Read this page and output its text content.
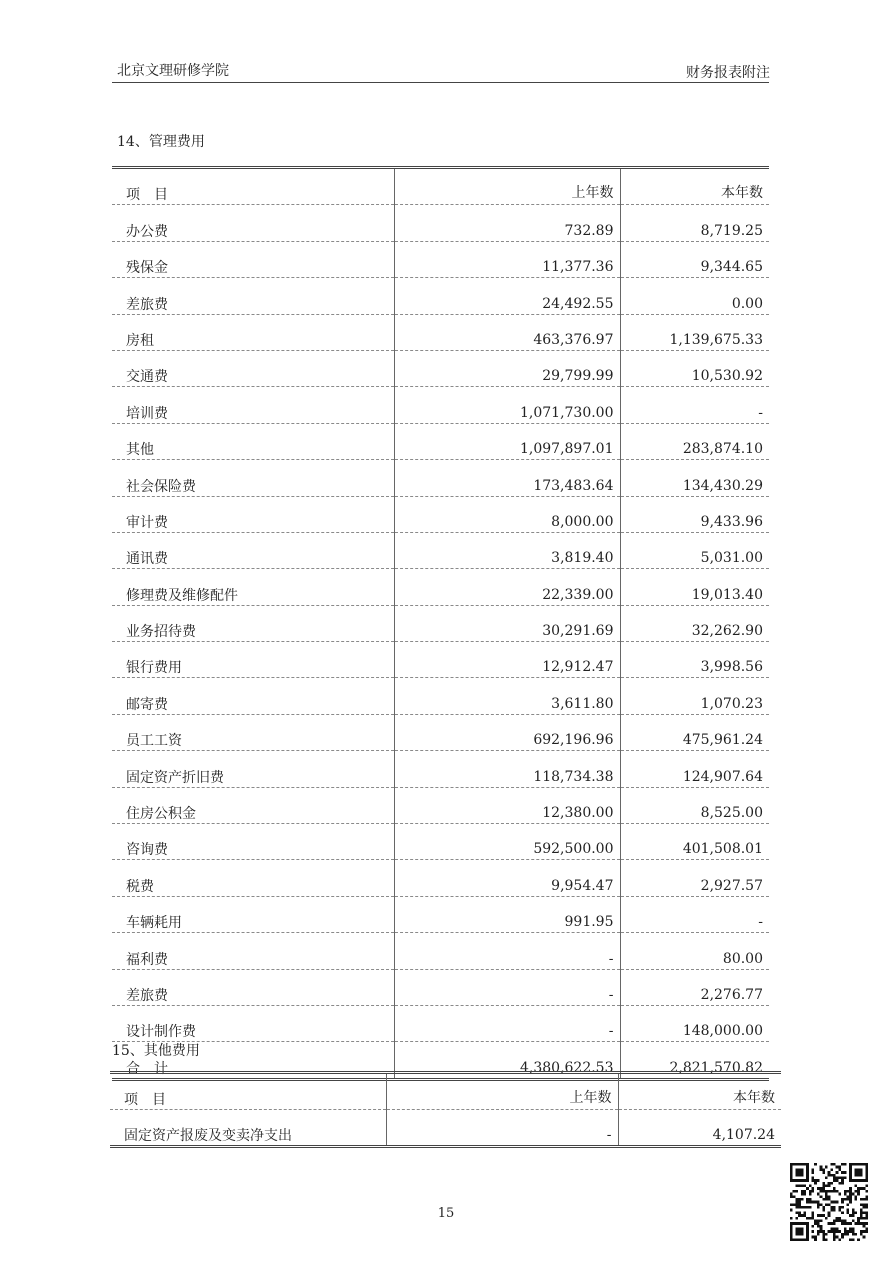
北京文理研修学院	财务报表附注
14、管理费用
项　目	上年数	本年数
办公费	732.89	8,719.25
残保金	11,377.36	9,344.65
差旅费	24,492.55	0.00
房租	463,376.97	1,139,675.33
交通费	29,799.99	10,530.92
培训费	1,071,730.00	-
其他	1,097,897.01	283,874.10
社会保险费	173,483.64	134,430.29
审计费	8,000.00	9,433.96
通讯费	3,819.40	5,031.00
修理费及维修配件	22,339.00	19,013.40
业务招待费	30,291.69	32,262.90
银行费用	12,912.47	3,998.56
邮寄费	3,611.80	1,070.23
员工工资	692,196.96	475,961.24
固定资产折旧费	118,734.38	124,907.64
住房公积金	12,380.00	8,525.00
咨询费	592,500.00	401,508.01
税费	9,954.47	2,927.57
车辆耗用	991.95	-
福利费	-	80.00
差旅费	-	2,276.77
设计制作费	-	148,000.00
合　计	4,380,622.53	2,821,570.82
15、其他费用
项　目	上年数	本年数
固定资产报废及变卖净支出	-	4,107.24
15
